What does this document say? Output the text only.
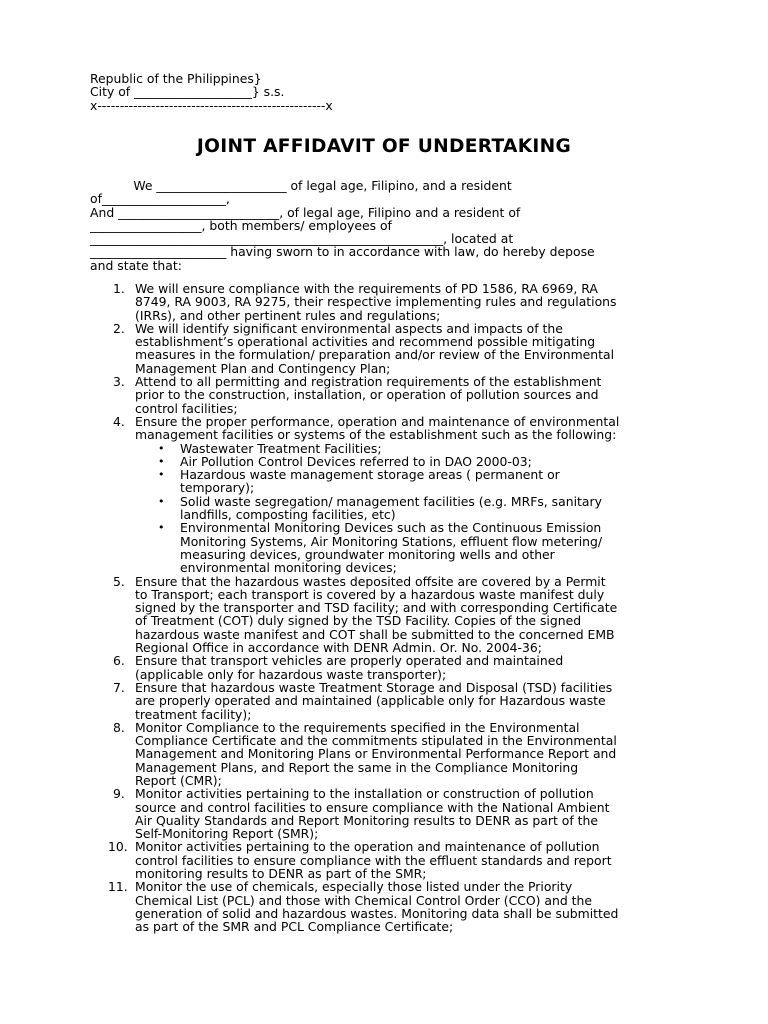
Republic of the Philippines}
City of ___________________} s.s.
x---------------------------------------------------x
JOINT AFFIDAVIT OF UNDERTAKING
We _____________________ of legal age, Filipino, and a resident
of____________________,
And __________________________, of legal age, Filipino and a resident of
__________________, both members/ employees of
_________________________________________________________, located at
______________________ having sworn to in accordance with law, do hereby depose
and state that:
1. We will ensure compliance with the requirements of PD 1586, RA 6969, RA
8749, RA 9003, RA 9275, their respective implementing rules and regulations
(IRRs), and other pertinent rules and regulations;
2. We will identify significant environmental aspects and impacts of the
establishment’s operational activities and recommend possible mitigating
measures in the formulation/ preparation and/or review of the Environmental
Management Plan and Contingency Plan;
3. Attend to all permitting and registration requirements of the establishment
prior to the construction, installation, or operation of pollution sources and
control facilities;
4. Ensure the proper performance, operation and maintenance of environmental
management facilities or systems of the establishment such as the following:
• Wastewater Treatment Facilities;
• Air Pollution Control Devices referred to in DAO 2000-03;
• Hazardous waste management storage areas ( permanent or
temporary);
• Solid waste segregation/ management facilities (e.g. MRFs, sanitary
landfills, composting facilities, etc)
• Environmental Monitoring Devices such as the Continuous Emission
Monitoring Systems, Air Monitoring Stations, effluent flow metering/
measuring devices, groundwater monitoring wells and other
environmental monitoring devices;
5. Ensure that the hazardous wastes deposited offsite are covered by a Permit
to Transport; each transport is covered by a hazardous waste manifest duly
signed by the transporter and TSD facility; and with corresponding Certificate
of Treatment (COT) duly signed by the TSD Facility. Copies of the signed
hazardous waste manifest and COT shall be submitted to the concerned EMB
Regional Office in accordance with DENR Admin. Or. No. 2004-36;
6. Ensure that transport vehicles are properly operated and maintained
(applicable only for hazardous waste transporter);
7. Ensure that hazardous waste Treatment Storage and Disposal (TSD) facilities
are properly operated and maintained (applicable only for Hazardous waste
treatment facility);
8. Monitor Compliance to the requirements specified in the Environmental
Compliance Certificate and the commitments stipulated in the Environmental
Management and Monitoring Plans or Environmental Performance Report and
Management Plans, and Report the same in the Compliance Monitoring
Report (CMR);
9. Monitor activities pertaining to the installation or construction of pollution
source and control facilities to ensure compliance with the National Ambient
Air Quality Standards and Report Monitoring results to DENR as part of the
Self-Monitoring Report (SMR);
10. Monitor activities pertaining to the operation and maintenance of pollution
control facilities to ensure compliance with the effluent standards and report
monitoring results to DENR as part of the SMR;
11. Monitor the use of chemicals, especially those listed under the Priority
Chemical List (PCL) and those with Chemical Control Order (CCO) and the
generation of solid and hazardous wastes. Monitoring data shall be submitted
as part of the SMR and PCL Compliance Certificate;
